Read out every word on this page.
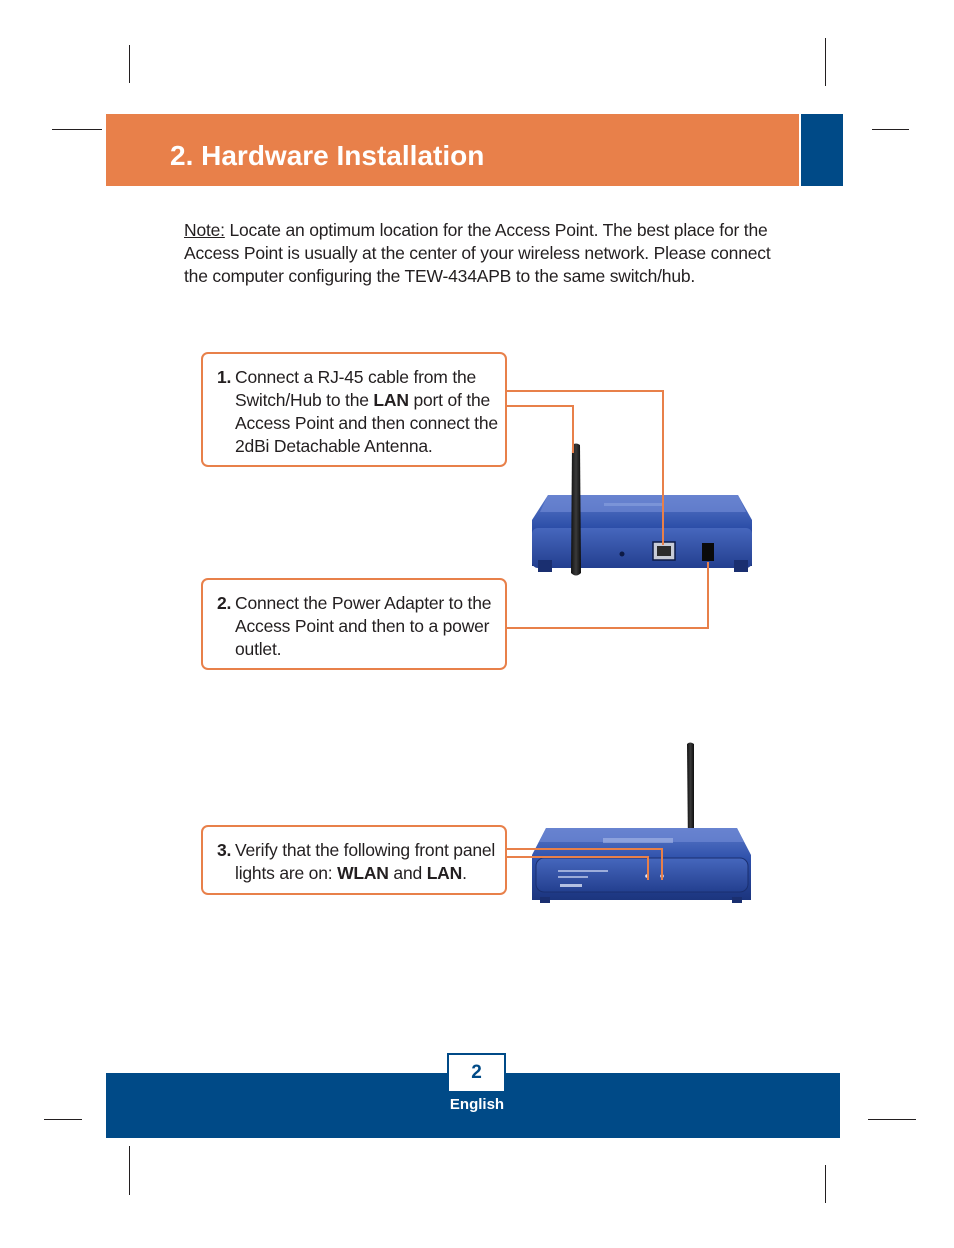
2. Hardware Installation
Note: Locate an optimum location for the Access Point. The best place for the Access Point is usually at the center of your wireless network. Please connect the computer configuring the TEW-434APB to the same switch/hub.
1. Connect a RJ-45 cable from the
Switch/Hub to the LAN port of the
Access Point and then connect the
2dBi Detachable Antenna.
2. Connect the Power Adapter to the
Access Point and then to a power
outlet.
3. Verify that the following front panel
lights are on: WLAN and LAN.
2
English
